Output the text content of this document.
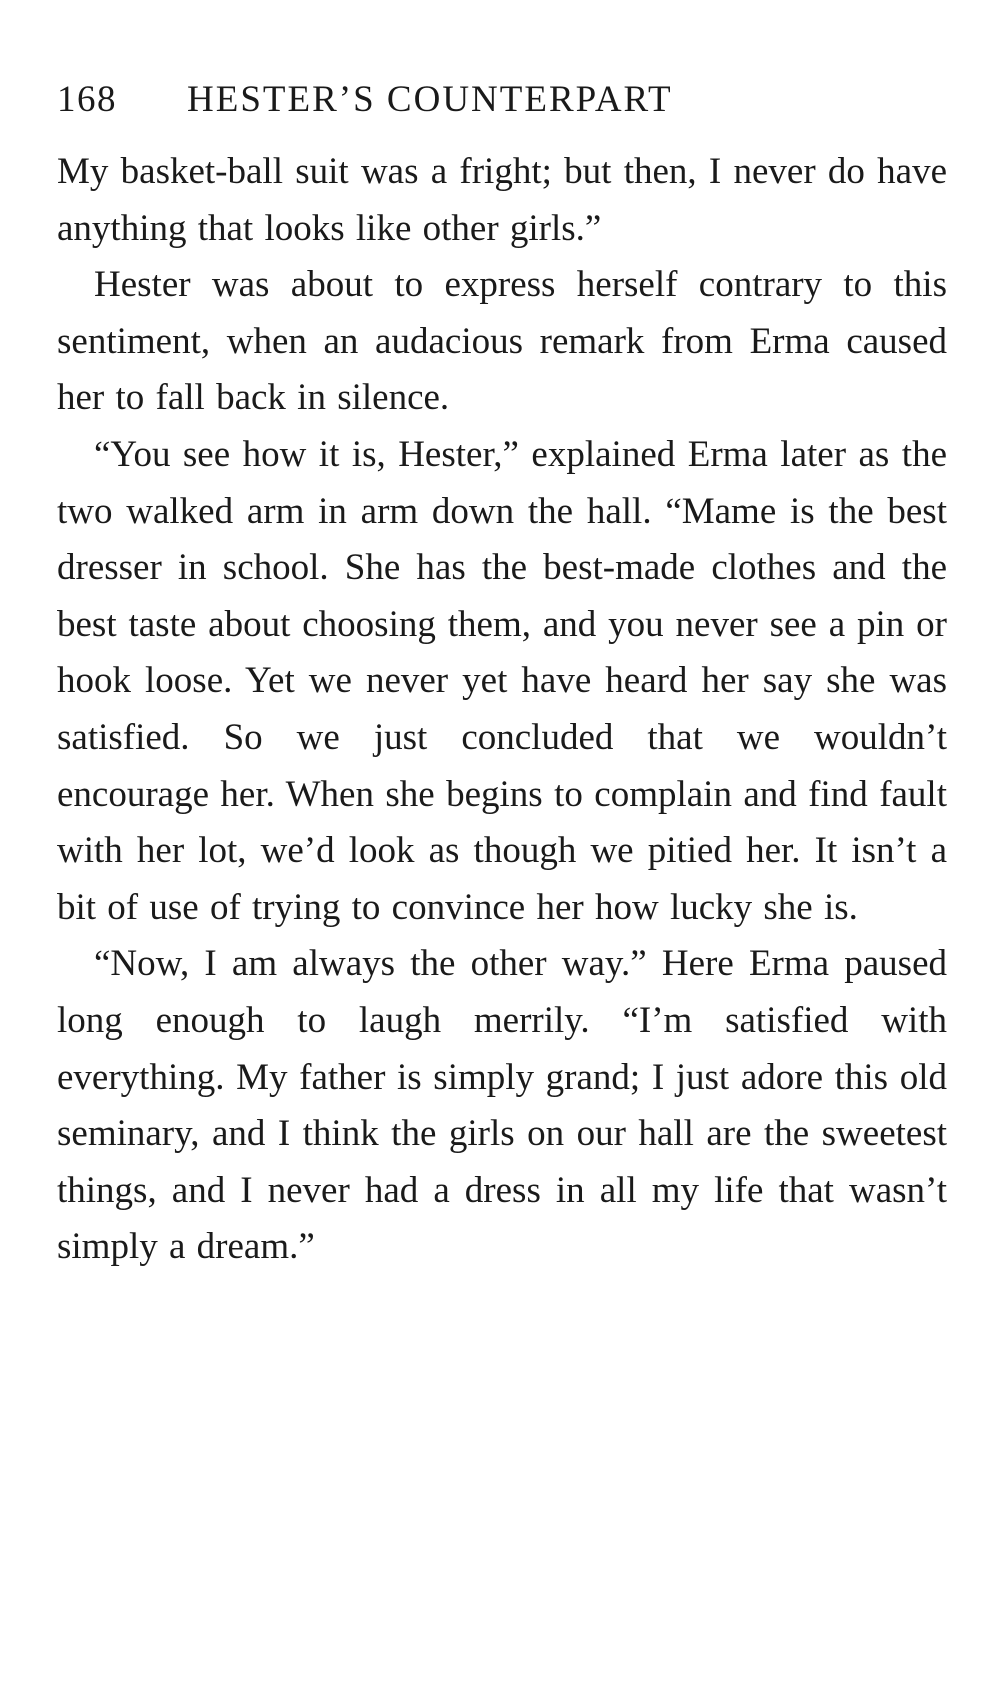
168	HESTER’S COUNTERPART

My basket-ball suit was a fright; but then, I never do have anything that looks like other girls.”

Hester was about to express herself contrary to this sentiment, when an audacious remark from Erma caused her to fall back in silence.

“You see how it is, Hester,” explained Erma later as the two walked arm in arm down the hall. “Mame is the best dresser in school. She has the best-made clothes and the best taste about choosing them, and you never see a pin or hook loose. Yet we never yet have heard her say she was satisfied. So we just concluded that we wouldn’t encourage her. When she begins to complain and find fault with her lot, we’d look as though we pitied her. It isn’t a bit of use of trying to convince her how lucky she is.

“Now, I am always the other way.” Here Erma paused long enough to laugh merrily. “I’m satisfied with everything. My father is simply grand; I just adore this old seminary, and I think the girls on our hall are the sweetest things, and I never had a dress in all my life that wasn’t simply a dream.”
